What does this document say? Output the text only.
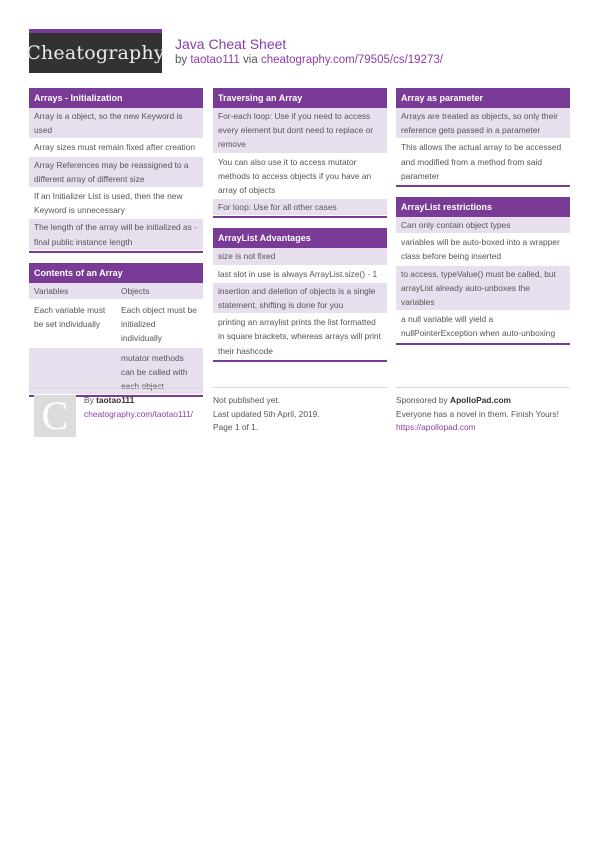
Cheatography Java Cheat Sheet
by taotao111 via cheatography.com/79505/cs/19273/
Arrays - Initialization
Array is a object, so the new Keyword is used
Array sizes must remain fixed after creation
Array References may be reassigned to a different array of different size
If an Initializer List is used, then the new Keyword is unnecessary
The length of the array will be initialized as - final public instance length
Contents of an Array
Variables	Objects
Each variable must be set individually
Each object must be initialized individually
mutator methods can be called with each object
Traversing an Array
For-each loop: Use if you need to access every element but dont need to replace or remove
You can also use it to access mutator methods to access objects if you have an array of objects
For loop: Use for all other cases
ArrayList Advantages
size is not fixed
last slot in use is always ArrayList.size() - 1
insertion and deletion of objects is a single statement, shifting is done for you
printing an arraylist prints the list formatted in square brackets, whereas arrays will print their hashcode
Array as parameter
Arrays are treated as objects, so only their reference gets passed in a parameter
This allows the actual array to be accessed and modified from a method from said parameter
ArrayList restrictions
Can only contain object types
variables will be auto-boxed into a wrapper class before being inserted
to access, typeValue() must be called, but arrayList already auto-unboxes the variables
a null variable will yield a nullPointerException when auto-unboxing
C By taotao111
cheatography.com/taotao111/
Not published yet.
Last updated 5th April, 2019.
Page 1 of 1.
Sponsored by ApolloPad.com
Everyone has a novel in them. Finish Yours!
https://apollopad.com
